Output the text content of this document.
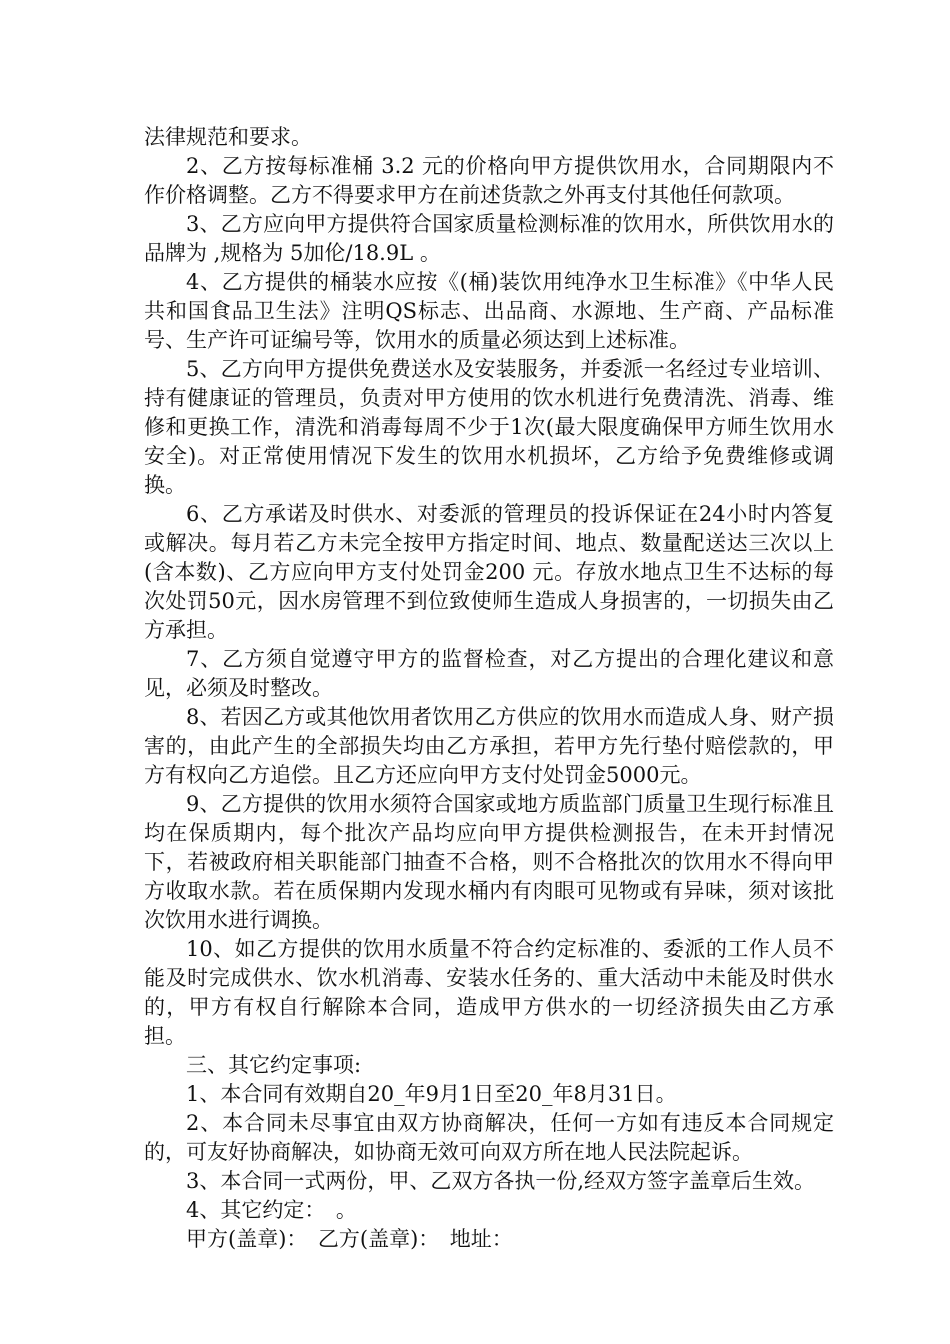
法律规范和要求。

2、乙方按每标准桶 3.2 元的价格向甲方提供饮用水，合同期限内不作价格调整。乙方不得要求甲方在前述货款之外再支付其他任何款项。

3、乙方应向甲方提供符合国家质量检测标准的饮用水，所供饮用水的品牌为 ,规格为 5加伦/18.9L 。

4、乙方提供的桶装水应按《(桶)装饮用纯净水卫生标准》《中华人民共和国食品卫生法》注明QS标志、出品商、水源地、生产商、产品标准号、生产许可证编号等，饮用水的质量必须达到上述标准。

5、乙方向甲方提供免费送水及安装服务，并委派一名经过专业培训、持有健康证的管理员，负责对甲方使用的饮水机进行免费清洗、消毒、维修和更换工作，清洗和消毒每周不少于1次(最大限度确保甲方师生饮用水安全)。对正常使用情况下发生的饮用水机损坏，乙方给予免费维修或调换。

6、乙方承诺及时供水、对委派的管理员的投诉保证在24小时内答复或解决。每月若乙方未完全按甲方指定时间、地点、数量配送达三次以上(含本数)、乙方应向甲方支付处罚金200 元。存放水地点卫生不达标的每次处罚50元，因水房管理不到位致使师生造成人身损害的，一切损失由乙方承担。

7、乙方须自觉遵守甲方的监督检查，对乙方提出的合理化建议和意见，必须及时整改。

8、若因乙方或其他饮用者饮用乙方供应的饮用水而造成人身、财产损害的，由此产生的全部损失均由乙方承担，若甲方先行垫付赔偿款的，甲方有权向乙方追偿。且乙方还应向甲方支付处罚金5000元。

9、乙方提供的饮用水须符合国家或地方质监部门质量卫生现行标准且均在保质期内，每个批次产品均应向甲方提供检测报告，在未开封情况下，若被政府相关职能部门抽查不合格，则不合格批次的饮用水不得向甲方收取水款。若在质保期内发现水桶内有肉眼可见物或有异味，须对该批次饮用水进行调换。

10、如乙方提供的饮用水质量不符合约定标准的、委派的工作人员不能及时完成供水、饮水机消毒、安装水任务的、重大活动中未能及时供水的，甲方有权自行解除本合同，造成甲方供水的一切经济损失由乙方承担。

三、其它约定事项:

1、本合同有效期自20_年9月1日至20_年8月31日。

2、本合同未尽事宜由双方协商解决，任何一方如有违反本合同规定的，可友好协商解决，如协商无效可向双方所在地人民法院起诉。

3、本合同一式两份，甲、乙双方各执一份,经双方签字盖章后生效。

4、其它约定：　。

甲方(盖章)：　乙方(盖章)：　地址：
